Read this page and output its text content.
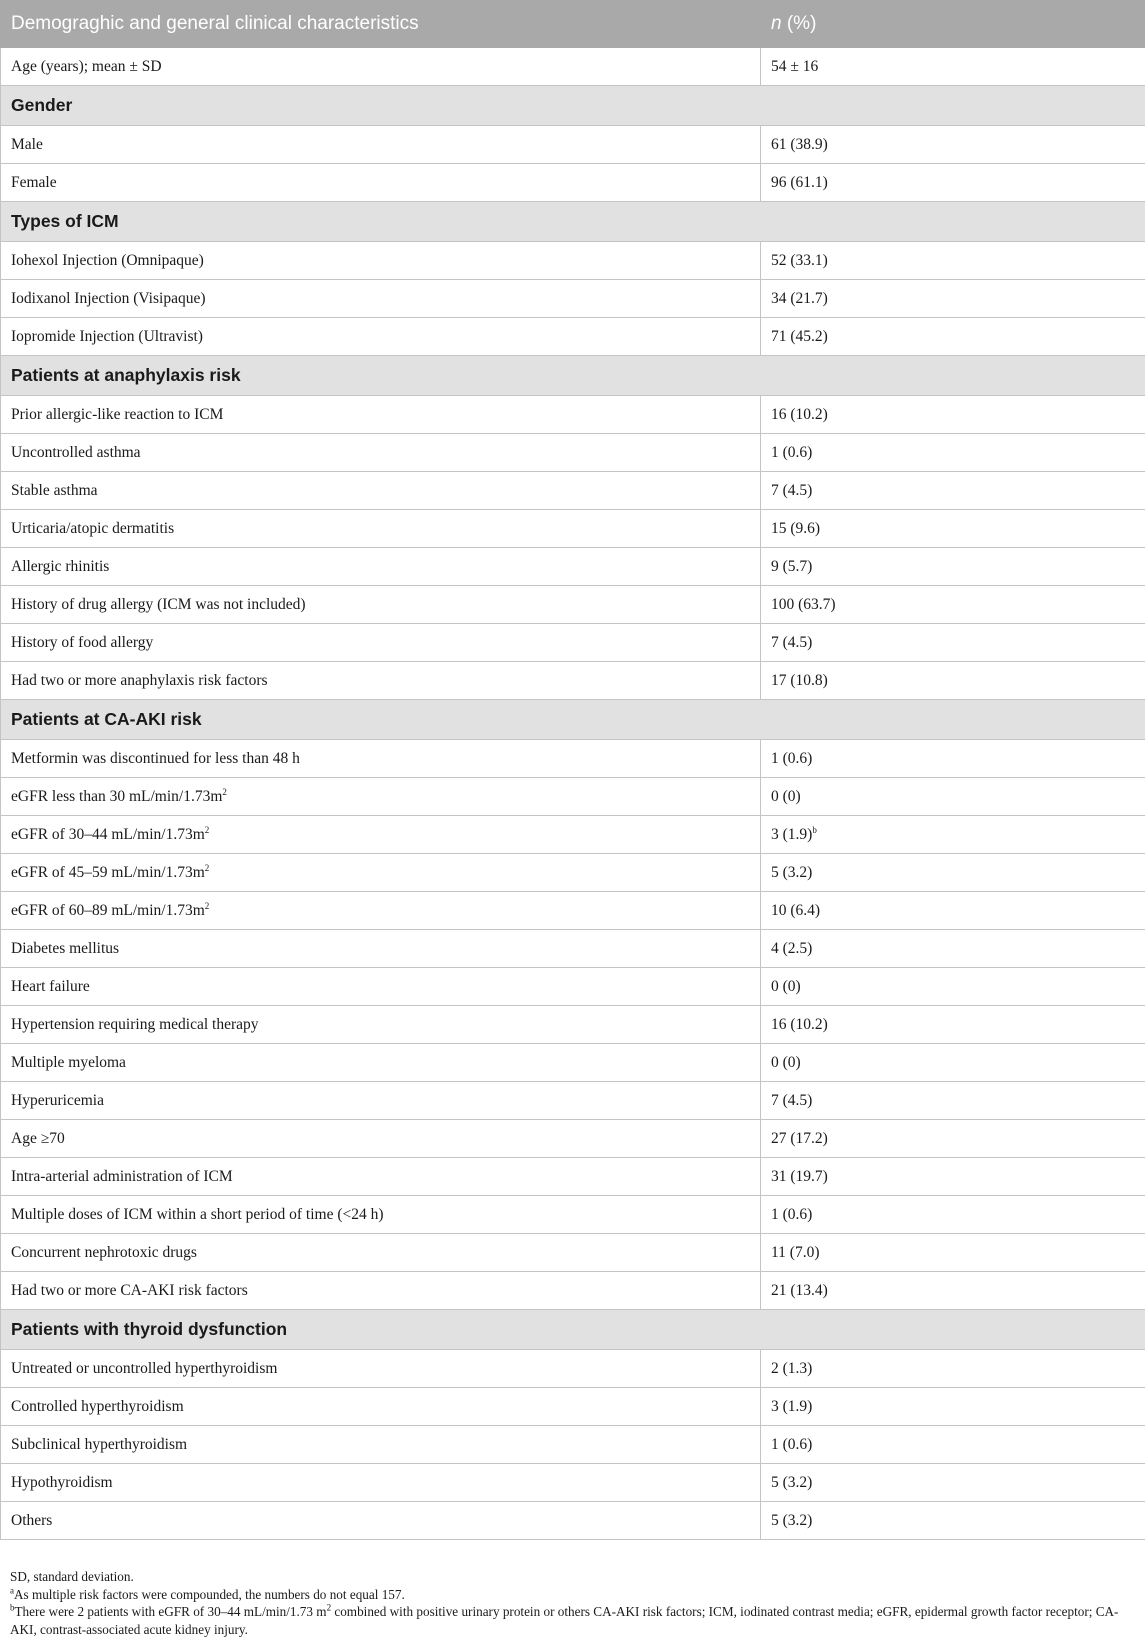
Demograghic and general clinical characteristics	n (%)
Age (years); mean ± SD	54 ± 16
Gender	
Male	61 (38.9)
Female	96 (61.1)
Types of ICM	
Iohexol Injection (Omnipaque)	52 (33.1)
Iodixanol Injection (Visipaque)	34 (21.7)
Iopromide Injection (Ultravist)	71 (45.2)
Patients at anaphylaxis risk	
Prior allergic-like reaction to ICM	16 (10.2)
Uncontrolled asthma	1 (0.6)
Stable asthma	7 (4.5)
Urticaria/atopic dermatitis	15 (9.6)
Allergic rhinitis	9 (5.7)
History of drug allergy (ICM was not included)	100 (63.7)
History of food allergy	7 (4.5)
Had two or more anaphylaxis risk factors	17 (10.8)
Patients at CA-AKI risk	
Metformin was discontinued for less than 48 h	1 (0.6)
eGFR less than 30 $mL/\min/1.73m^2$	0 (0)
eGFR of 30–44 $mL/\min/1.73m^2$	3 $(1.9)^b$
eGFR of 45–59 $mL/\min/1.73m^2$	5 (3.2)
eGFR of 60–89 $mL/\min/1.73m^2$	10 (6.4)
Diabetes mellitus	4 (2.5)
Heart failure	0 (0)
Hypertension requiring medical therapy	16 (10.2)
Multiple myeloma	0 (0)
Hyperuricemia	7 (4.5)
Age ≥70	27 (17.2)
Intra-arterial administration of ICM	31 (19.7)
Multiple doses of ICM within a short period of time (<24 h)	1 (0.6)
Concurrent nephrotoxic drugs	11 (7.0)
Had two or more CA-AKI risk factors	21 (13.4)
Patients with thyroid dysfunction	
Untreated or uncontrolled hyperthyroidism	2 (1.3)
Controlled hyperthyroidism	3 (1.9)
Subclinical hyperthyroidism	1 (0.6)
Hypothyroidism	5 (3.2)
Others	5 (3.2)

SD, standard deviation.

$^a$As multiple risk factors were compounded, the numbers do not equal 157.

$^b$There were 2 patients with eGFR of 30–44 mL/min/1.73 $m^2$ combined with positive urinary protein or others CA-AKI risk factors; ICM, iodinated contrast media; eGFR, epidermal growth factor receptor; CA-AKI, contrast-associated acute kidney injury.
